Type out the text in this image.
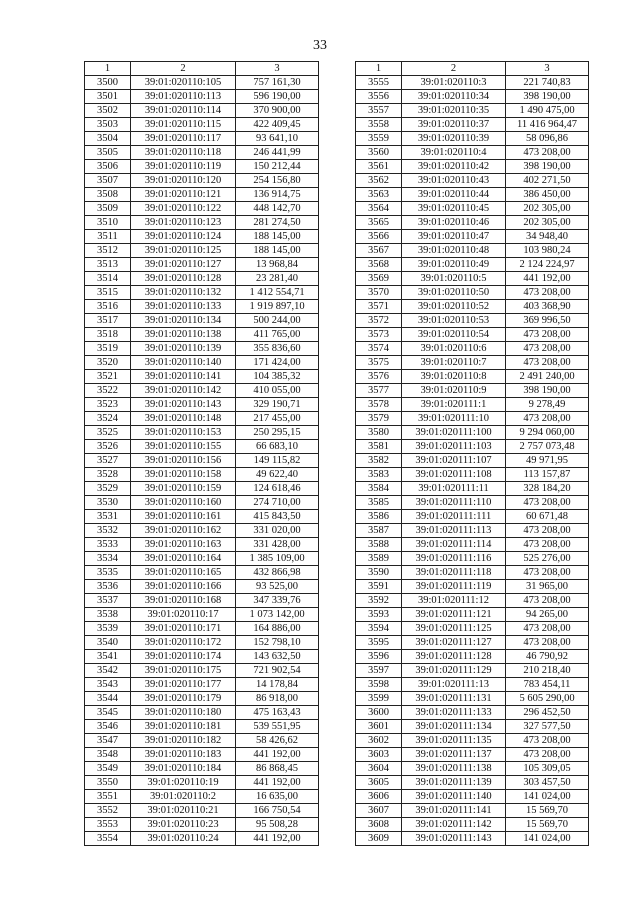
33
1	2	3
3500	39:01:020110:105	757 161,30
3501	39:01:020110:113	596 190,00
3502	39:01:020110:114	370 900,00
3503	39:01:020110:115	422 409,45
3504	39:01:020110:117	93 641,10
3505	39:01:020110:118	246 441,99
3506	39:01:020110:119	150 212,44
3507	39:01:020110:120	254 156,80
3508	39:01:020110:121	136 914,75
3509	39:01:020110:122	448 142,70
3510	39:01:020110:123	281 274,50
3511	39:01:020110:124	188 145,00
3512	39:01:020110:125	188 145,00
3513	39:01:020110:127	13 968,84
3514	39:01:020110:128	23 281,40
3515	39:01:020110:132	1 412 554,71
3516	39:01:020110:133	1 919 897,10
3517	39:01:020110:134	500 244,00
3518	39:01:020110:138	411 765,00
3519	39:01:020110:139	355 836,60
3520	39:01:020110:140	171 424,00
3521	39:01:020110:141	104 385,32
3522	39:01:020110:142	410 055,00
3523	39:01:020110:143	329 190,71
3524	39:01:020110:148	217 455,00
3525	39:01:020110:153	250 295,15
3526	39:01:020110:155	66 683,10
3527	39:01:020110:156	149 115,82
3528	39:01:020110:158	49 622,40
3529	39:01:020110:159	124 618,46
3530	39:01:020110:160	274 710,00
3531	39:01:020110:161	415 843,50
3532	39:01:020110:162	331 020,00
3533	39:01:020110:163	331 428,00
3534	39:01:020110:164	1 385 109,00
3535	39:01:020110:165	432 866,98
3536	39:01:020110:166	93 525,00
3537	39:01:020110:168	347 339,76
3538	39:01:020110:17	1 073 142,00
3539	39:01:020110:171	164 886,00
3540	39:01:020110:172	152 798,10
3541	39:01:020110:174	143 632,50
3542	39:01:020110:175	721 902,54
3543	39:01:020110:177	14 178,84
3544	39:01:020110:179	86 918,00
3545	39:01:020110:180	475 163,43
3546	39:01:020110:181	539 551,95
3547	39:01:020110:182	58 426,62
3548	39:01:020110:183	441 192,00
3549	39:01:020110:184	86 868,45
3550	39:01:020110:19	441 192,00
3551	39:01:020110:2	16 635,00
3552	39:01:020110:21	166 750,54
3553	39:01:020110:23	95 508,28
3554	39:01:020110:24	441 192,00
1	2	3
3555	39:01:020110:3	221 740,83
3556	39:01:020110:34	398 190,00
3557	39:01:020110:35	1 490 475,00
3558	39:01:020110:37	11 416 964,47
3559	39:01:020110:39	58 096,86
3560	39:01:020110:4	473 208,00
3561	39:01:020110:42	398 190,00
3562	39:01:020110:43	402 271,50
3563	39:01:020110:44	386 450,00
3564	39:01:020110:45	202 305,00
3565	39:01:020110:46	202 305,00
3566	39:01:020110:47	34 948,40
3567	39:01:020110:48	103 980,24
3568	39:01:020110:49	2 124 224,97
3569	39:01:020110:5	441 192,00
3570	39:01:020110:50	473 208,00
3571	39:01:020110:52	403 368,90
3572	39:01:020110:53	369 996,50
3573	39:01:020110:54	473 208,00
3574	39:01:020110:6	473 208,00
3575	39:01:020110:7	473 208,00
3576	39:01:020110:8	2 491 240,00
3577	39:01:020110:9	398 190,00
3578	39:01:020111:1	9 278,49
3579	39:01:020111:10	473 208,00
3580	39:01:020111:100	9 294 060,00
3581	39:01:020111:103	2 757 073,48
3582	39:01:020111:107	49 971,95
3583	39:01:020111:108	113 157,87
3584	39:01:020111:11	328 184,20
3585	39:01:020111:110	473 208,00
3586	39:01:020111:111	60 671,48
3587	39:01:020111:113	473 208,00
3588	39:01:020111:114	473 208,00
3589	39:01:020111:116	525 276,00
3590	39:01:020111:118	473 208,00
3591	39:01:020111:119	31 965,00
3592	39:01:020111:12	473 208,00
3593	39:01:020111:121	94 265,00
3594	39:01:020111:125	473 208,00
3595	39:01:020111:127	473 208,00
3596	39:01:020111:128	46 790,92
3597	39:01:020111:129	210 218,40
3598	39:01:020111:13	783 454,11
3599	39:01:020111:131	5 605 290,00
3600	39:01:020111:133	296 452,50
3601	39:01:020111:134	327 577,50
3602	39:01:020111:135	473 208,00
3603	39:01:020111:137	473 208,00
3604	39:01:020111:138	105 309,05
3605	39:01:020111:139	303 457,50
3606	39:01:020111:140	141 024,00
3607	39:01:020111:141	15 569,70
3608	39:01:020111:142	15 569,70
3609	39:01:020111:143	141 024,00
